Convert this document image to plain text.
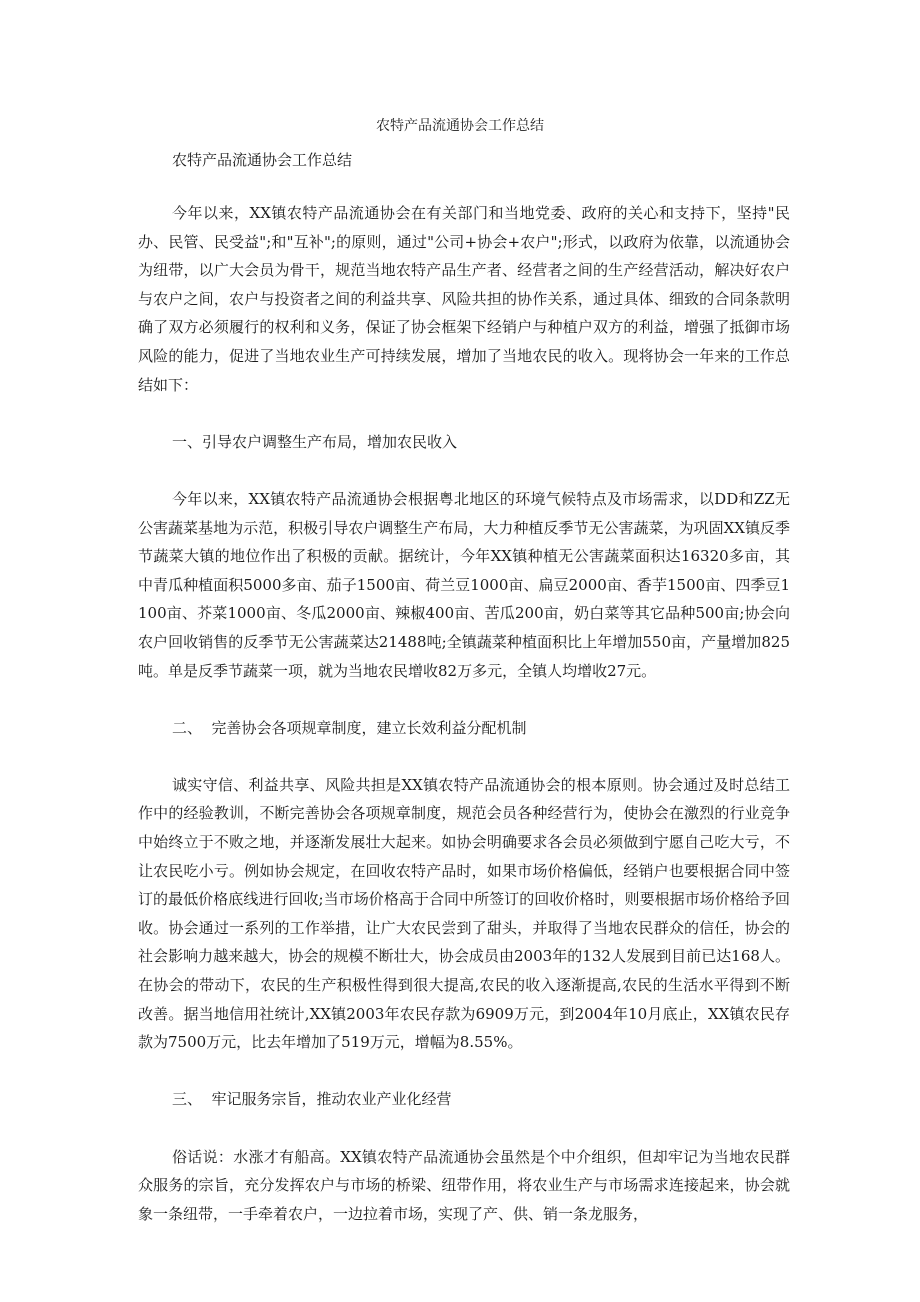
农特产品流通协会工作总结
农特产品流通协会工作总结

今年以来，XX镇农特产品流通协会在有关部门和当地党委、政府的关心和支持下，坚持"民办、民管、民受益";和"互补";的原则，通过"公司+协会+农户";形式，以政府为依靠，以流通协会为纽带，以广大会员为骨干，规范当地农特产品生产者、经营者之间的生产经营活动，解决好农户与农户之间，农户与投资者之间的利益共享、风险共担的协作关系，通过具体、细致的合同条款明确了双方必须履行的权利和义务，保证了协会框架下经销户与种植户双方的利益，增强了抵御市场风险的能力，促进了当地农业生产可持续发展，增加了当地农民的收入。现将协会一年来的工作总结如下：

一、引导农户调整生产布局，增加农民收入

今年以来，XX镇农特产品流通协会根据粤北地区的环境气候特点及市场需求，以DD和ZZ无公害蔬菜基地为示范，积极引导农户调整生产布局，大力种植反季节无公害蔬菜，为巩固XX镇反季节蔬菜大镇的地位作出了积极的贡献。据统计，今年XX镇种植无公害蔬菜面积达16320多亩，其中青瓜种植面积5000多亩、茄子1500亩、荷兰豆1000亩、扁豆2000亩、香芋1500亩、四季豆1100亩、芥菜1000亩、冬瓜2000亩、辣椒400亩、苦瓜200亩，奶白菜等其它品种500亩;协会向农户回收销售的反季节无公害蔬菜达21488吨;全镇蔬菜种植面积比上年增加550亩，产量增加825吨。单是反季节蔬菜一项，就为当地农民增收82万多元，全镇人均增收27元。

二、  完善协会各项规章制度，建立长效利益分配机制

诚实守信、利益共享、风险共担是XX镇农特产品流通协会的根本原则。协会通过及时总结工作中的经验教训，不断完善协会各项规章制度，规范会员各种经营行为，使协会在激烈的行业竞争中始终立于不败之地，并逐渐发展壮大起来。如协会明确要求各会员必须做到宁愿自己吃大亏，不让农民吃小亏。例如协会规定，在回收农特产品时，如果市场价格偏低，经销户也要根据合同中签订的最低价格底线进行回收;当市场价格高于合同中所签订的回收价格时，则要根据市场价格给予回收。协会通过一系列的工作举措，让广大农民尝到了甜头，并取得了当地农民群众的信任，协会的社会影响力越来越大，协会的规模不断壮大，协会成员由2003年的132人发展到目前已达168人。在协会的带动下，农民的生产积极性得到很大提高,农民的收入逐渐提高,农民的生活水平得到不断改善。据当地信用社统计,XX镇2003年农民存款为6909万元，到2004年10月底止，XX镇农民存款为7500万元，比去年增加了519万元，增幅为8.55%。

三、  牢记服务宗旨，推动农业产业化经营

俗话说：水涨才有船高。XX镇农特产品流通协会虽然是个中介组织，但却牢记为当地农民群众服务的宗旨，充分发挥农户与市场的桥梁、纽带作用，将农业生产与市场需求连接起来，协会就象一条纽带，一手牵着农户，一边拉着市场，实现了产、供、销一条龙服务，
